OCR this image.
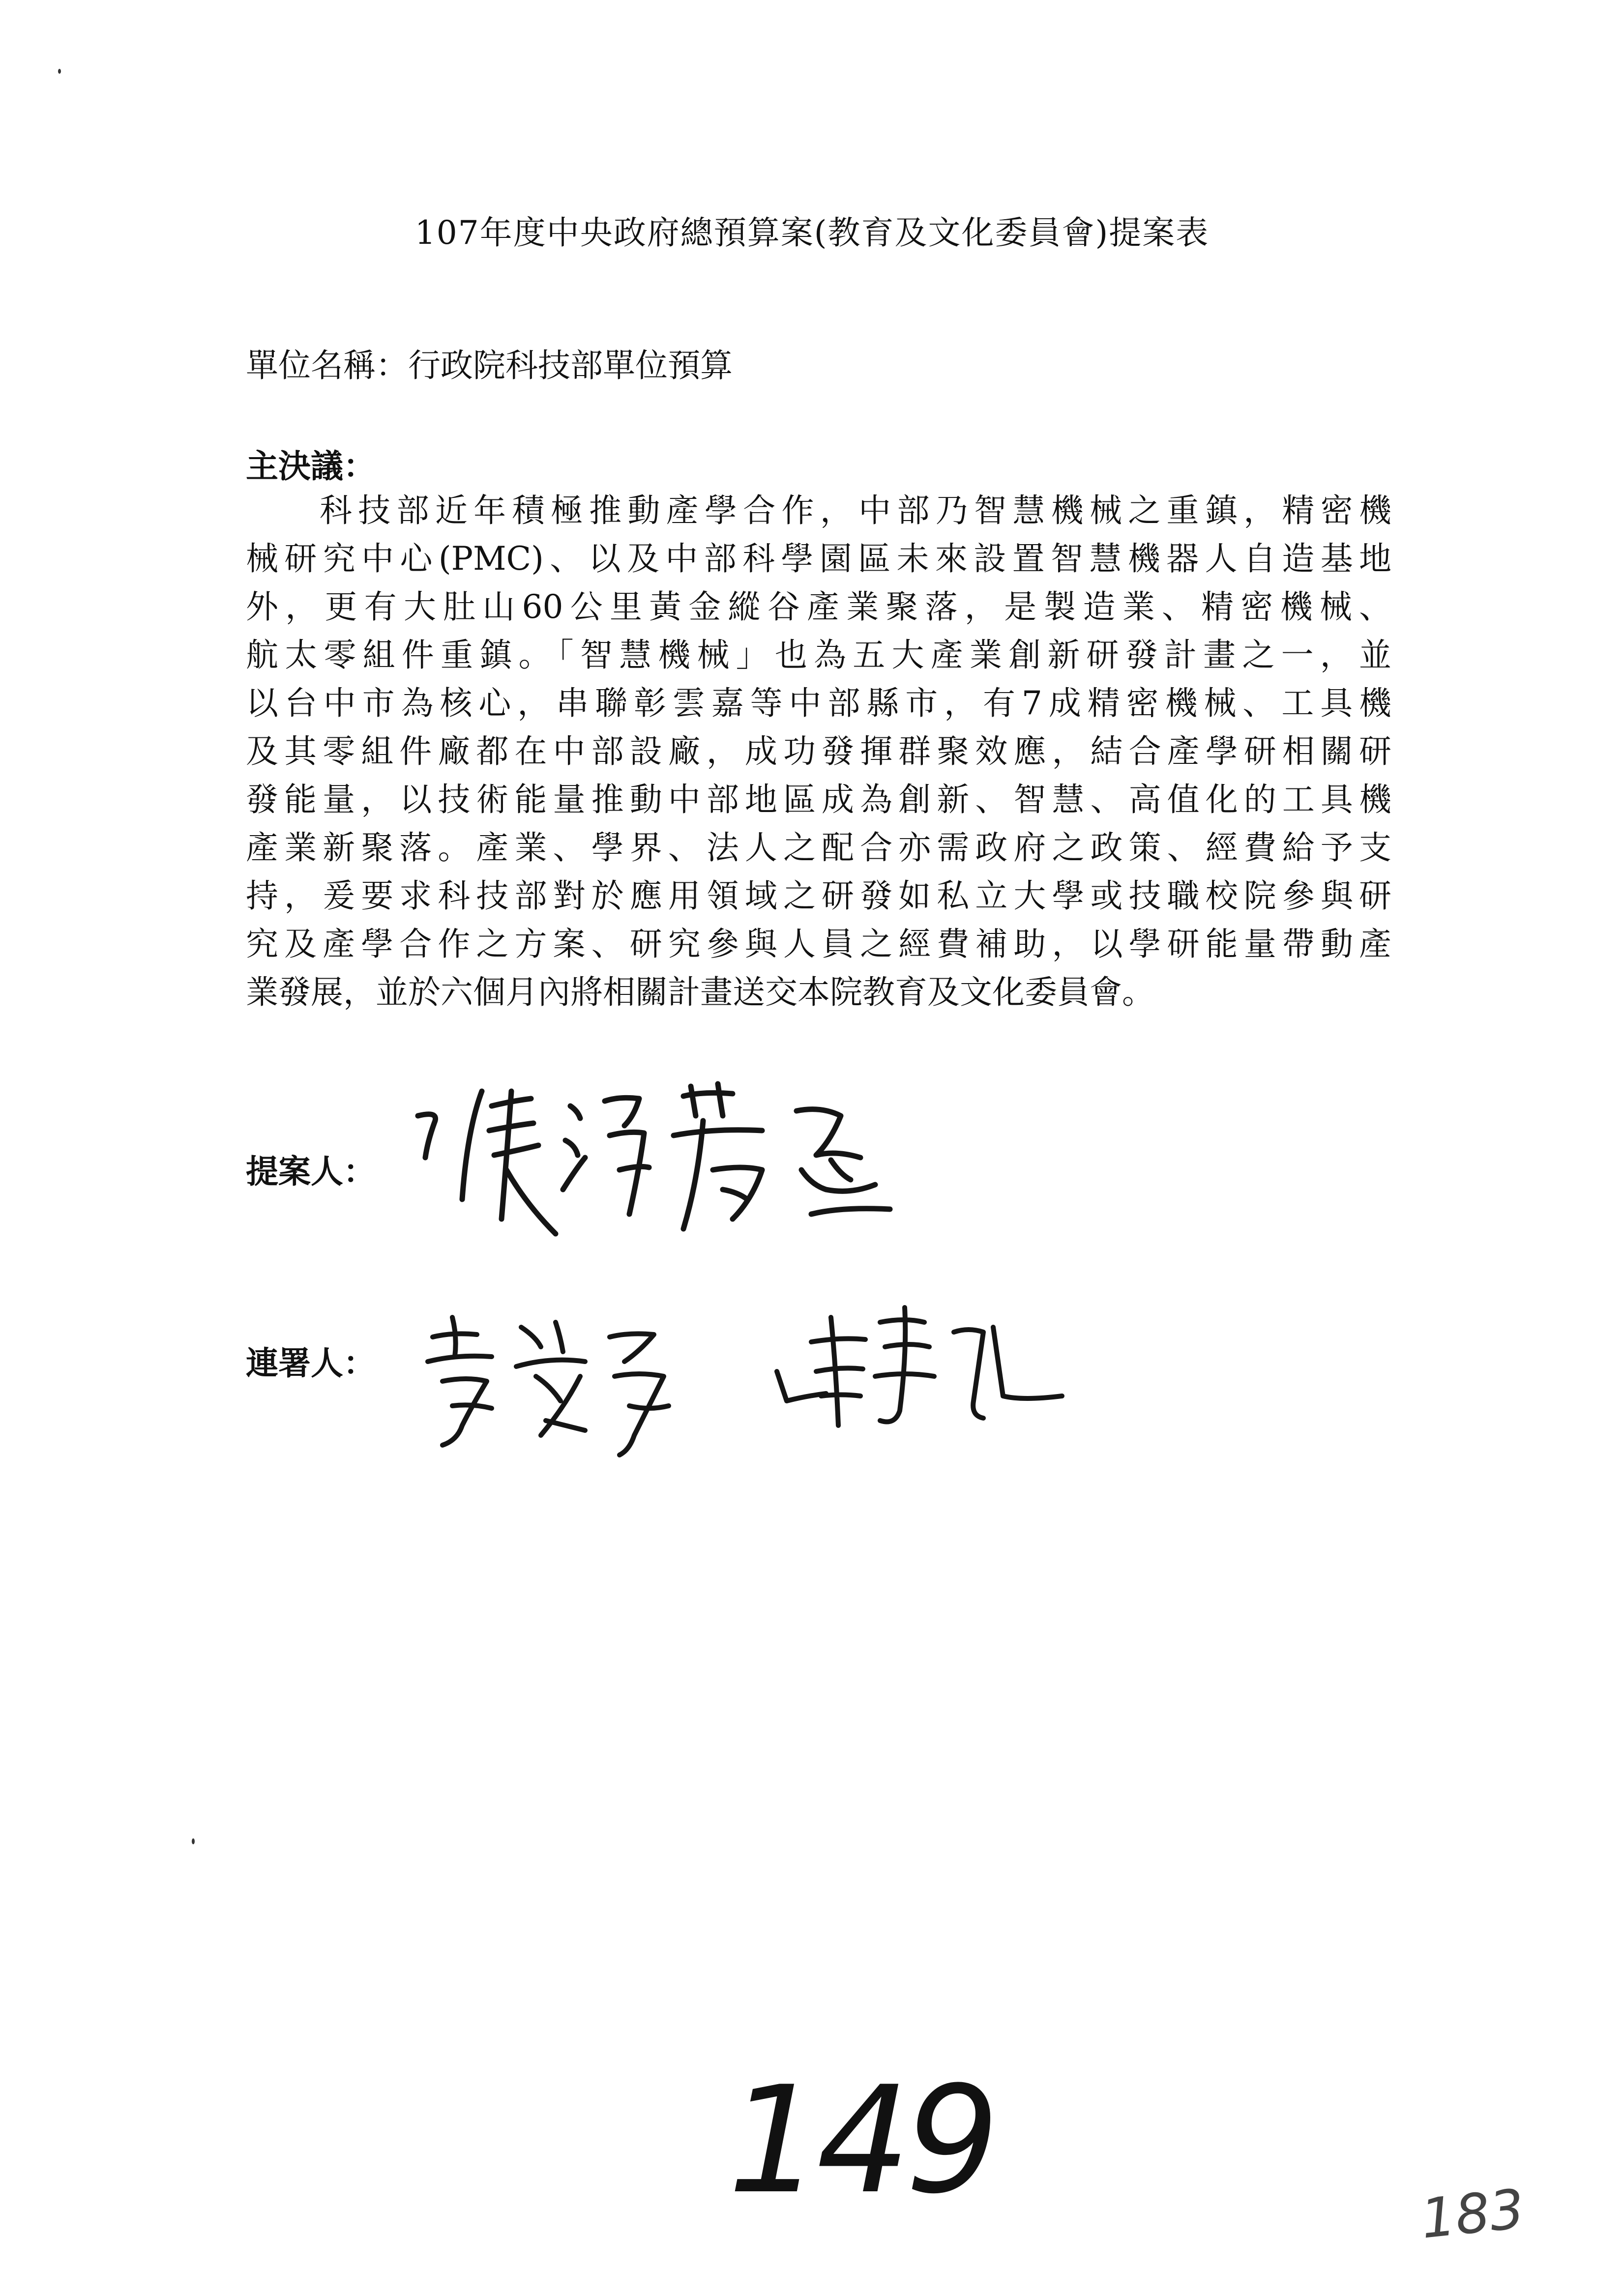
107年度中央政府總預算案(教育及文化委員會)提案表
單位名稱：行政院科技部單位預算
主決議：
科技部近年積極推動產學合作，中部乃智慧機械之重鎮，精密機
械研究中心(PMC)、以及中部科學園區未來設置智慧機器人自造基地
外，更有大肚山60公里黃金縱谷產業聚落，是製造業、精密機械、
航太零組件重鎮。「智慧機械」也為五大產業創新研發計畫之一，並
以台中市為核心，串聯彰雲嘉等中部縣市，有7成精密機械、工具機
及其零組件廠都在中部設廠，成功發揮群聚效應，結合產學研相關研
發能量，以技術能量推動中部地區成為創新、智慧、高值化的工具機
產業新聚落。產業、學界、法人之配合亦需政府之政策、經費給予支
持，爰要求科技部對於應用領域之研發如私立大學或技職校院參與研
究及產學合作之方案、研究參與人員之經費補助，以學研能量帶動產
業發展，並於六個月內將相關計畫送交本院教育及文化委員會。
提案人：
連署人：
149	183
